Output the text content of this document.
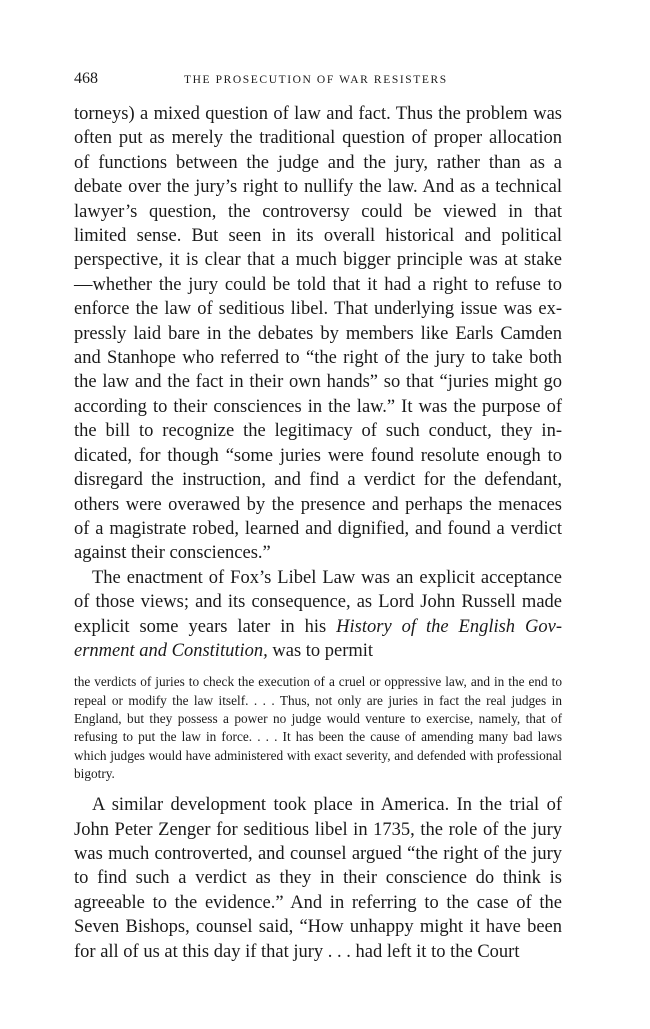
468	THE PROSECUTION OF WAR RESISTERS

torneys) a mixed question of law and fact. Thus the problem was often put as merely the traditional question of proper allocation of functions between the judge and the jury, rather than as a debate over the jury’s right to nullify the law. And as a technical lawyer’s question, the controversy could be viewed in that limited sense. But seen in its overall historical and political perspective, it is clear that a much bigger principle was at stake —whether the jury could be told that it had a right to refuse to enforce the law of seditious libel. That underlying issue was expressly laid bare in the debates by members like Earls Camden and Stanhope who referred to “the right of the jury to take both the law and the fact in their own hands” so that “juries might go according to their consciences in the law.” It was the purpose of the bill to recognize the legitimacy of such conduct, they indicated, for though “some juries were found resolute enough to disregard the instruction, and find a verdict for the defendant, others were overawed by the presence and perhaps the menaces of a magistrate robed, learned and dignified, and found a verdict against their consciences.”

The enactment of Fox’s Libel Law was an explicit acceptance of those views; and its consequence, as Lord John Russell made explicit some years later in his History of the English Government and Constitution, was to permit

the verdicts of juries to check the execution of a cruel or oppressive law, and in the end to repeal or modify the law itself. . . . Thus, not only are juries in fact the real judges in England, but they possess a power no judge would venture to exercise, namely, that of refusing to put the law in force. . . . It has been the cause of amending many bad laws which judges would have administered with exact severity, and defended with professional bigotry.

A similar development took place in America. In the trial of John Peter Zenger for seditious libel in 1735, the role of the jury was much controverted, and counsel argued “the right of the jury to find such a verdict as they in their conscience do think is agreeable to the evidence.” And in referring to the case of the Seven Bishops, counsel said, “How unhappy might it have been for all of us at this day if that jury . . . had left it to the Court
